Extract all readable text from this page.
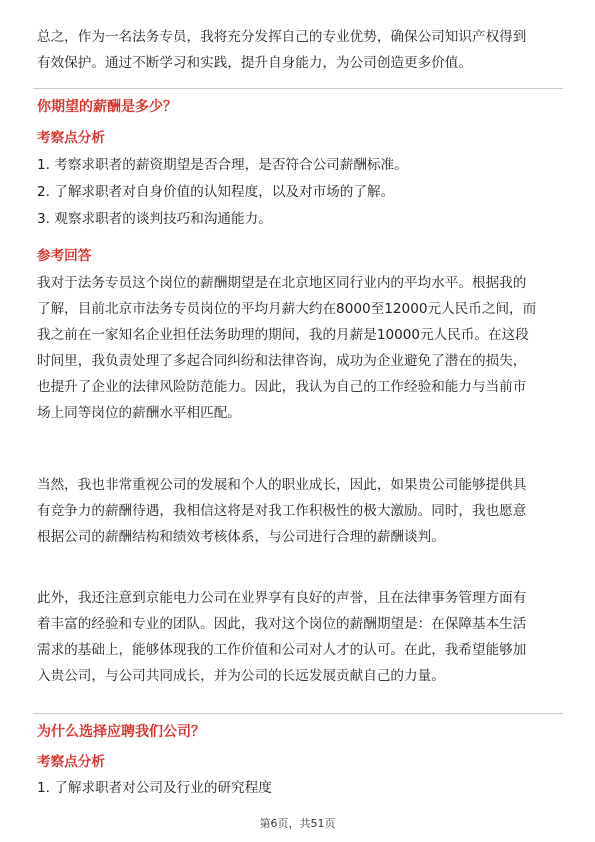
总之，作为一名法务专员，我将充分发挥自己的专业优势，确保公司知识产权得到
有效保护。通过不断学习和实践，提升自身能力，为公司创造更多价值。

你期望的薪酬是多少？
考察点分析
1. 考察求职者的薪资期望是否合理，是否符合公司薪酬标准。
2. 了解求职者对自身价值的认知程度，以及对市场的了解。
3. 观察求职者的谈判技巧和沟通能力。
参考回答

我对于法务专员这个岗位的薪酬期望是在北京地区同行业内的平均水平。根据我的
了解，目前北京市法务专员岗位的平均月薪大约在8000至12000元人民币之间，而
我之前在一家知名企业担任法务助理的期间，我的月薪是10000元人民币。在这段
时间里，我负责处理了多起合同纠纷和法律咨询，成功为企业避免了潜在的损失，
也提升了企业的法律风险防范能力。因此，我认为自己的工作经验和能力与当前市
场上同等岗位的薪酬水平相匹配。

当然，我也非常重视公司的发展和个人的职业成长，因此，如果贵公司能够提供具
有竞争力的薪酬待遇，我相信这将是对我工作积极性的极大激励。同时，我也愿意
根据公司的薪酬结构和绩效考核体系，与公司进行合理的薪酬谈判。

此外，我还注意到京能电力公司在业界享有良好的声誉，且在法律事务管理方面有
着丰富的经验和专业的团队。因此，我对这个岗位的薪酬期望是：在保障基本生活
需求的基础上，能够体现我的工作价值和公司对人才的认可。在此，我希望能够加
入贵公司，与公司共同成长，并为公司的长远发展贡献自己的力量。

为什么选择应聘我们公司？
考察点分析
1. 了解求职者对公司及行业的研究程度
第6页，共51页
